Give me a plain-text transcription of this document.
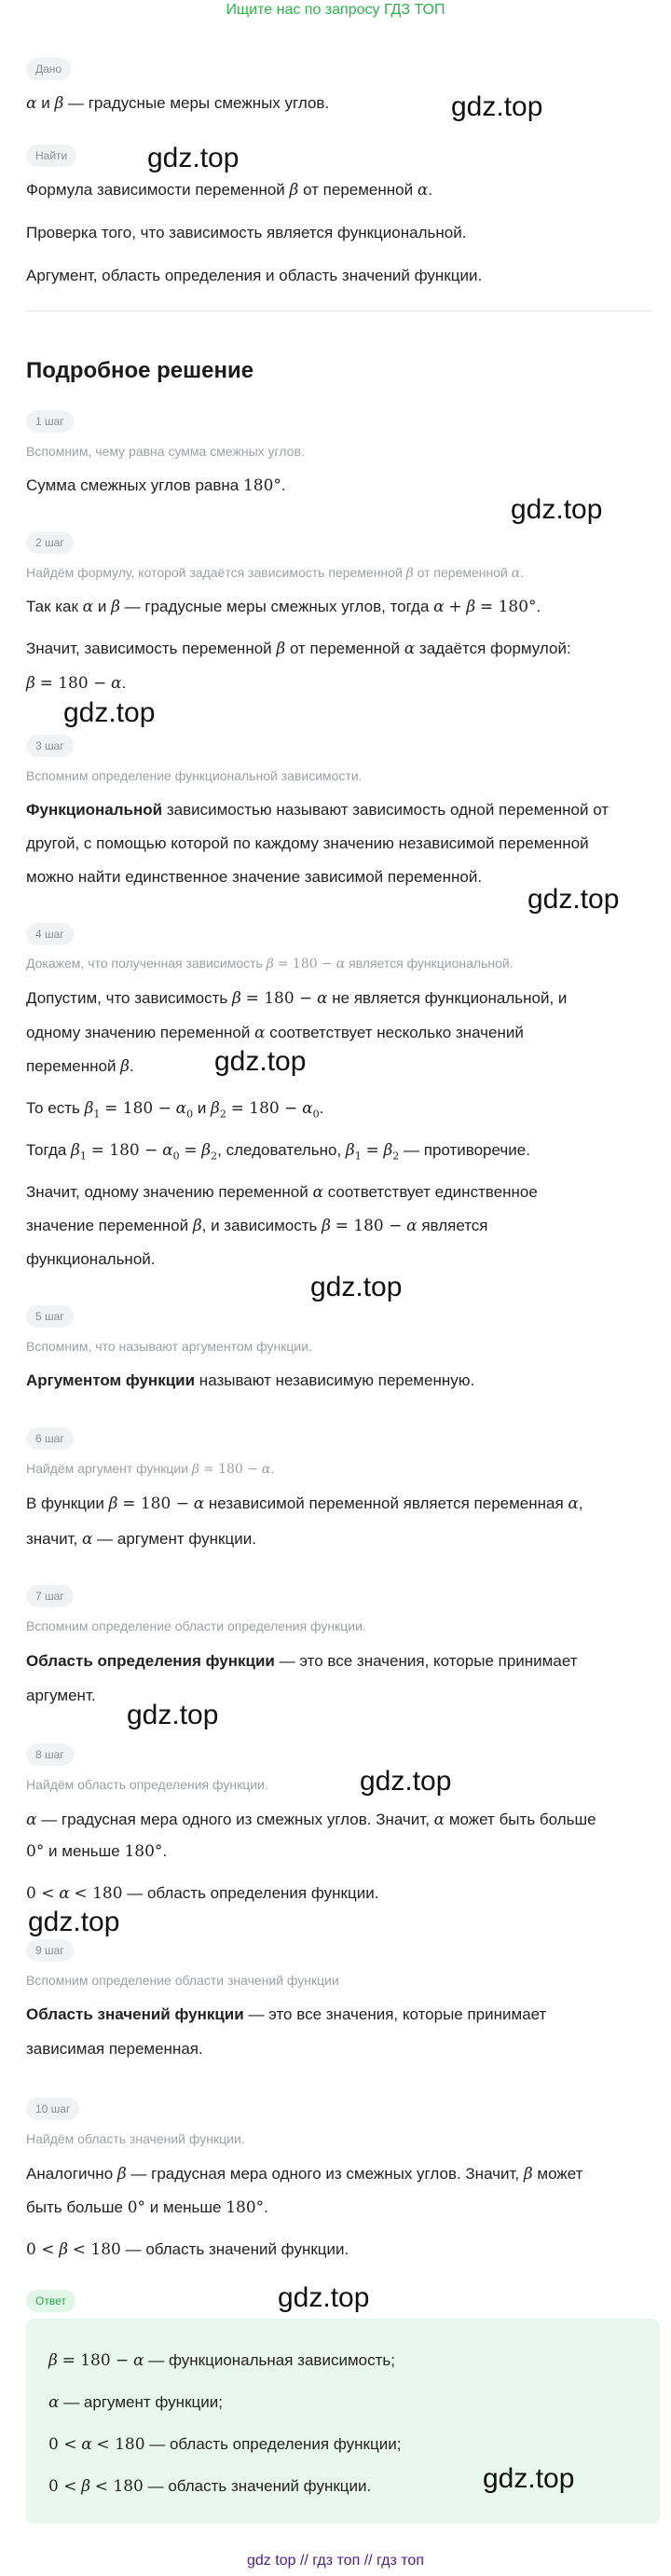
Ищите нас по запросу ГДЗ ТОП
Дано
α и β — градусные меры смежных углов.
Найти
Формула зависимости переменной β от переменной α.
Проверка того, что зависимость является функциональной.
Аргумент, область определения и область значений функции.
Подробное решение
1 шаг
Вспомним, чему равна сумма смежных углов.
Сумма смежных углов равна 180°.
2 шаг
Найдём формулу, которой задаётся зависимость переменной β от переменной α.
Так как α и β — градусные меры смежных углов, тогда α + β = 180°.
Значит, зависимость переменной β от переменной α задаётся формулой:
β = 180 − α.
3 шаг
Вспомним определение функциональной зависимости.
Функциональной зависимостью называют зависимость одной переменной от
другой, с помощью которой по каждому значению независимой переменной
можно найти единственное значение зависимой переменной.
4 шаг
Докажем, что полученная зависимость β = 180 − α является функциональной.
Допустим, что зависимость β = 180 − α не является функциональной, и
одному значению переменной α соответствует несколько значений
переменной β.
То есть $\beta_1 = 180 - \alpha_0$ и $\beta_2 = 180 - \alpha_0$.
Тогда $\beta_1 = 180 - \alpha_0 = \beta_2$, следовательно, $\beta_1 = \beta_2$ — противоречие.
Значит, одному значению переменной α соответствует единственное
значение переменной β, и зависимость β = 180 − α является
функциональной.
5 шаг
Вспомним, что называют аргументом функции.
Аргументом функции называют независимую переменную.
6 шаг
Найдём аргумент функции β = 180 − α.
В функции β = 180 − α независимой переменной является переменная α,
значит, α — аргумент функции.
7 шаг
Вспомним определение области определения функции.
Область определения функции — это все значения, которые принимает
аргумент.
8 шаг
Найдём область определения функции.
α — градусная мера одного из смежных углов. Значит, α может быть больше
0° и меньше 180°.
0 < α < 180 — область определения функции.
9 шаг
Вспомним определение области значений функции
Область значений функции — это все значения, которые принимает
зависимая переменная.
10 шаг
Найдём область значений функции.
Аналогично β — градусная мера одного из смежных углов. Значит, β может
быть больше 0° и меньше 180°.
0 < β < 180 — область значений функции.
Ответ
β = 180 − α — функциональная зависимость;
α — аргумент функции;
0 < α < 180 — область определения функции;
0 < β < 180 — область значений функции.
gdz.top
gdz.top
gdz.top
gdz.top
gdz.top
gdz.top
gdz.top
gdz.top
gdz.top
gdz.top
gdz.top
gdz.top
gdz top // гдз топ // гдз топ
